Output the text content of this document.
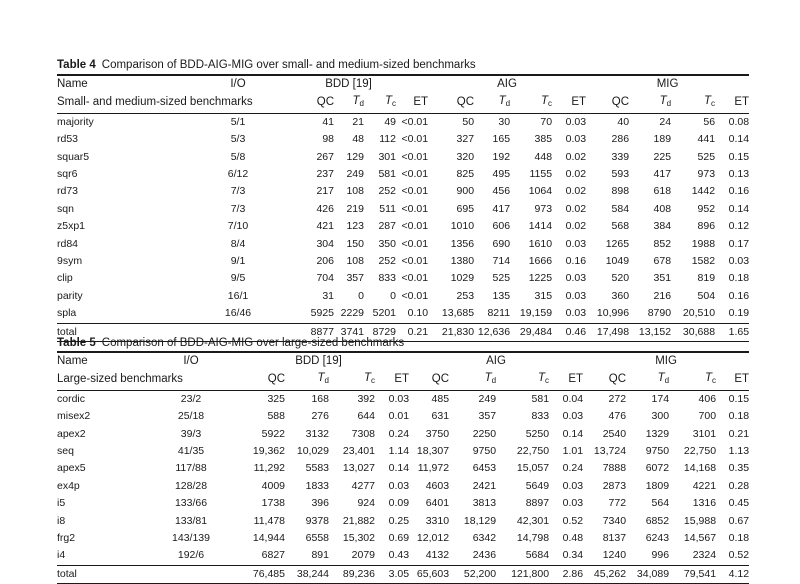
Table 4 Comparison of BDD-AIG-MIG over small- and medium-sized benchmarks
Name	I/O	BDD [19]				AIG				MIG			
Small- and medium-sized benchmarks		QC	$T_d$	$T_c$	ET	QC	$T_d$	$T_c$	ET	QC	$T_d$	$T_c$	ET
majority	5/1	41	21	49	<0.01	50	30	70	0.03	40	24	56	0.08
rd53	5/3	98	48	112	<0.01	327	165	385	0.03	286	189	441	0.14
squar5	5/8	267	129	301	<0.01	320	192	448	0.02	339	225	525	0.15
sqr6	6/12	237	249	581	<0.01	825	495	1155	0.02	593	417	973	0.13
rd73	7/3	217	108	252	<0.01	900	456	1064	0.02	898	618	1442	0.16
sqn	7/3	426	219	511	<0.01	695	417	973	0.02	584	408	952	0.14
z5xp1	7/10	421	123	287	<0.01	1010	606	1414	0.02	568	384	896	0.12
rd84	8/4	304	150	350	<0.01	1356	690	1610	0.03	1265	852	1988	0.17
9sym	9/1	206	108	252	<0.01	1380	714	1666	0.16	1049	678	1582	0.03
clip	9/5	704	357	833	<0.01	1029	525	1225	0.03	520	351	819	0.18
parity	16/1	31	0	0	<0.01	253	135	315	0.03	360	216	504	0.16
spla	16/46	5925	2229	5201	0.10	13,685	8211	19,159	0.03	10,996	8790	20,510	0.19
total		8877	3741	8729	0.21	21,830	12,636	29,484	0.46	17,498	13,152	30,688	1.65
Table 5 Comparison of BDD-AIG-MIG over large-sized benchmarks
Name	I/O	BDD [19]				AIG				MIG			
Large-sized benchmarks		QC	$T_d$	$T_c$	ET	QC	$T_d$	$T_c$	ET	QC	$T_d$	$T_c$	ET
cordic	23/2	325	168	392	0.03	485	249	581	0.04	272	174	406	0.15
misex2	25/18	588	276	644	0.01	631	357	833	0.03	476	300	700	0.18
apex2	39/3	5922	3132	7308	0.24	3750	2250	5250	0.14	2540	1329	3101	0.21
seq	41/35	19,362	10,029	23,401	1.14	18,307	9750	22,750	1.01	13,724	9750	22,750	1.13
apex5	117/88	11,292	5583	13,027	0.14	11,972	6453	15,057	0.24	7888	6072	14,168	0.35
ex4p	128/28	4009	1833	4277	0.03	4603	2421	5649	0.03	2873	1809	4221	0.28
i5	133/66	1738	396	924	0.09	6401	3813	8897	0.03	772	564	1316	0.45
i8	133/81	11,478	9378	21,882	0.25	3310	18,129	42,301	0.52	7340	6852	15,988	0.67
frg2	143/139	14,944	6558	15,302	0.69	12,012	6342	14,798	0.48	8137	6243	14,567	0.18
i4	192/6	6827	891	2079	0.43	4132	2436	5684	0.34	1240	996	2324	0.52
total		76,485	38,244	89,236	3.05	65,603	52,200	121,800	2.86	45,262	34,089	79,541	4.12
